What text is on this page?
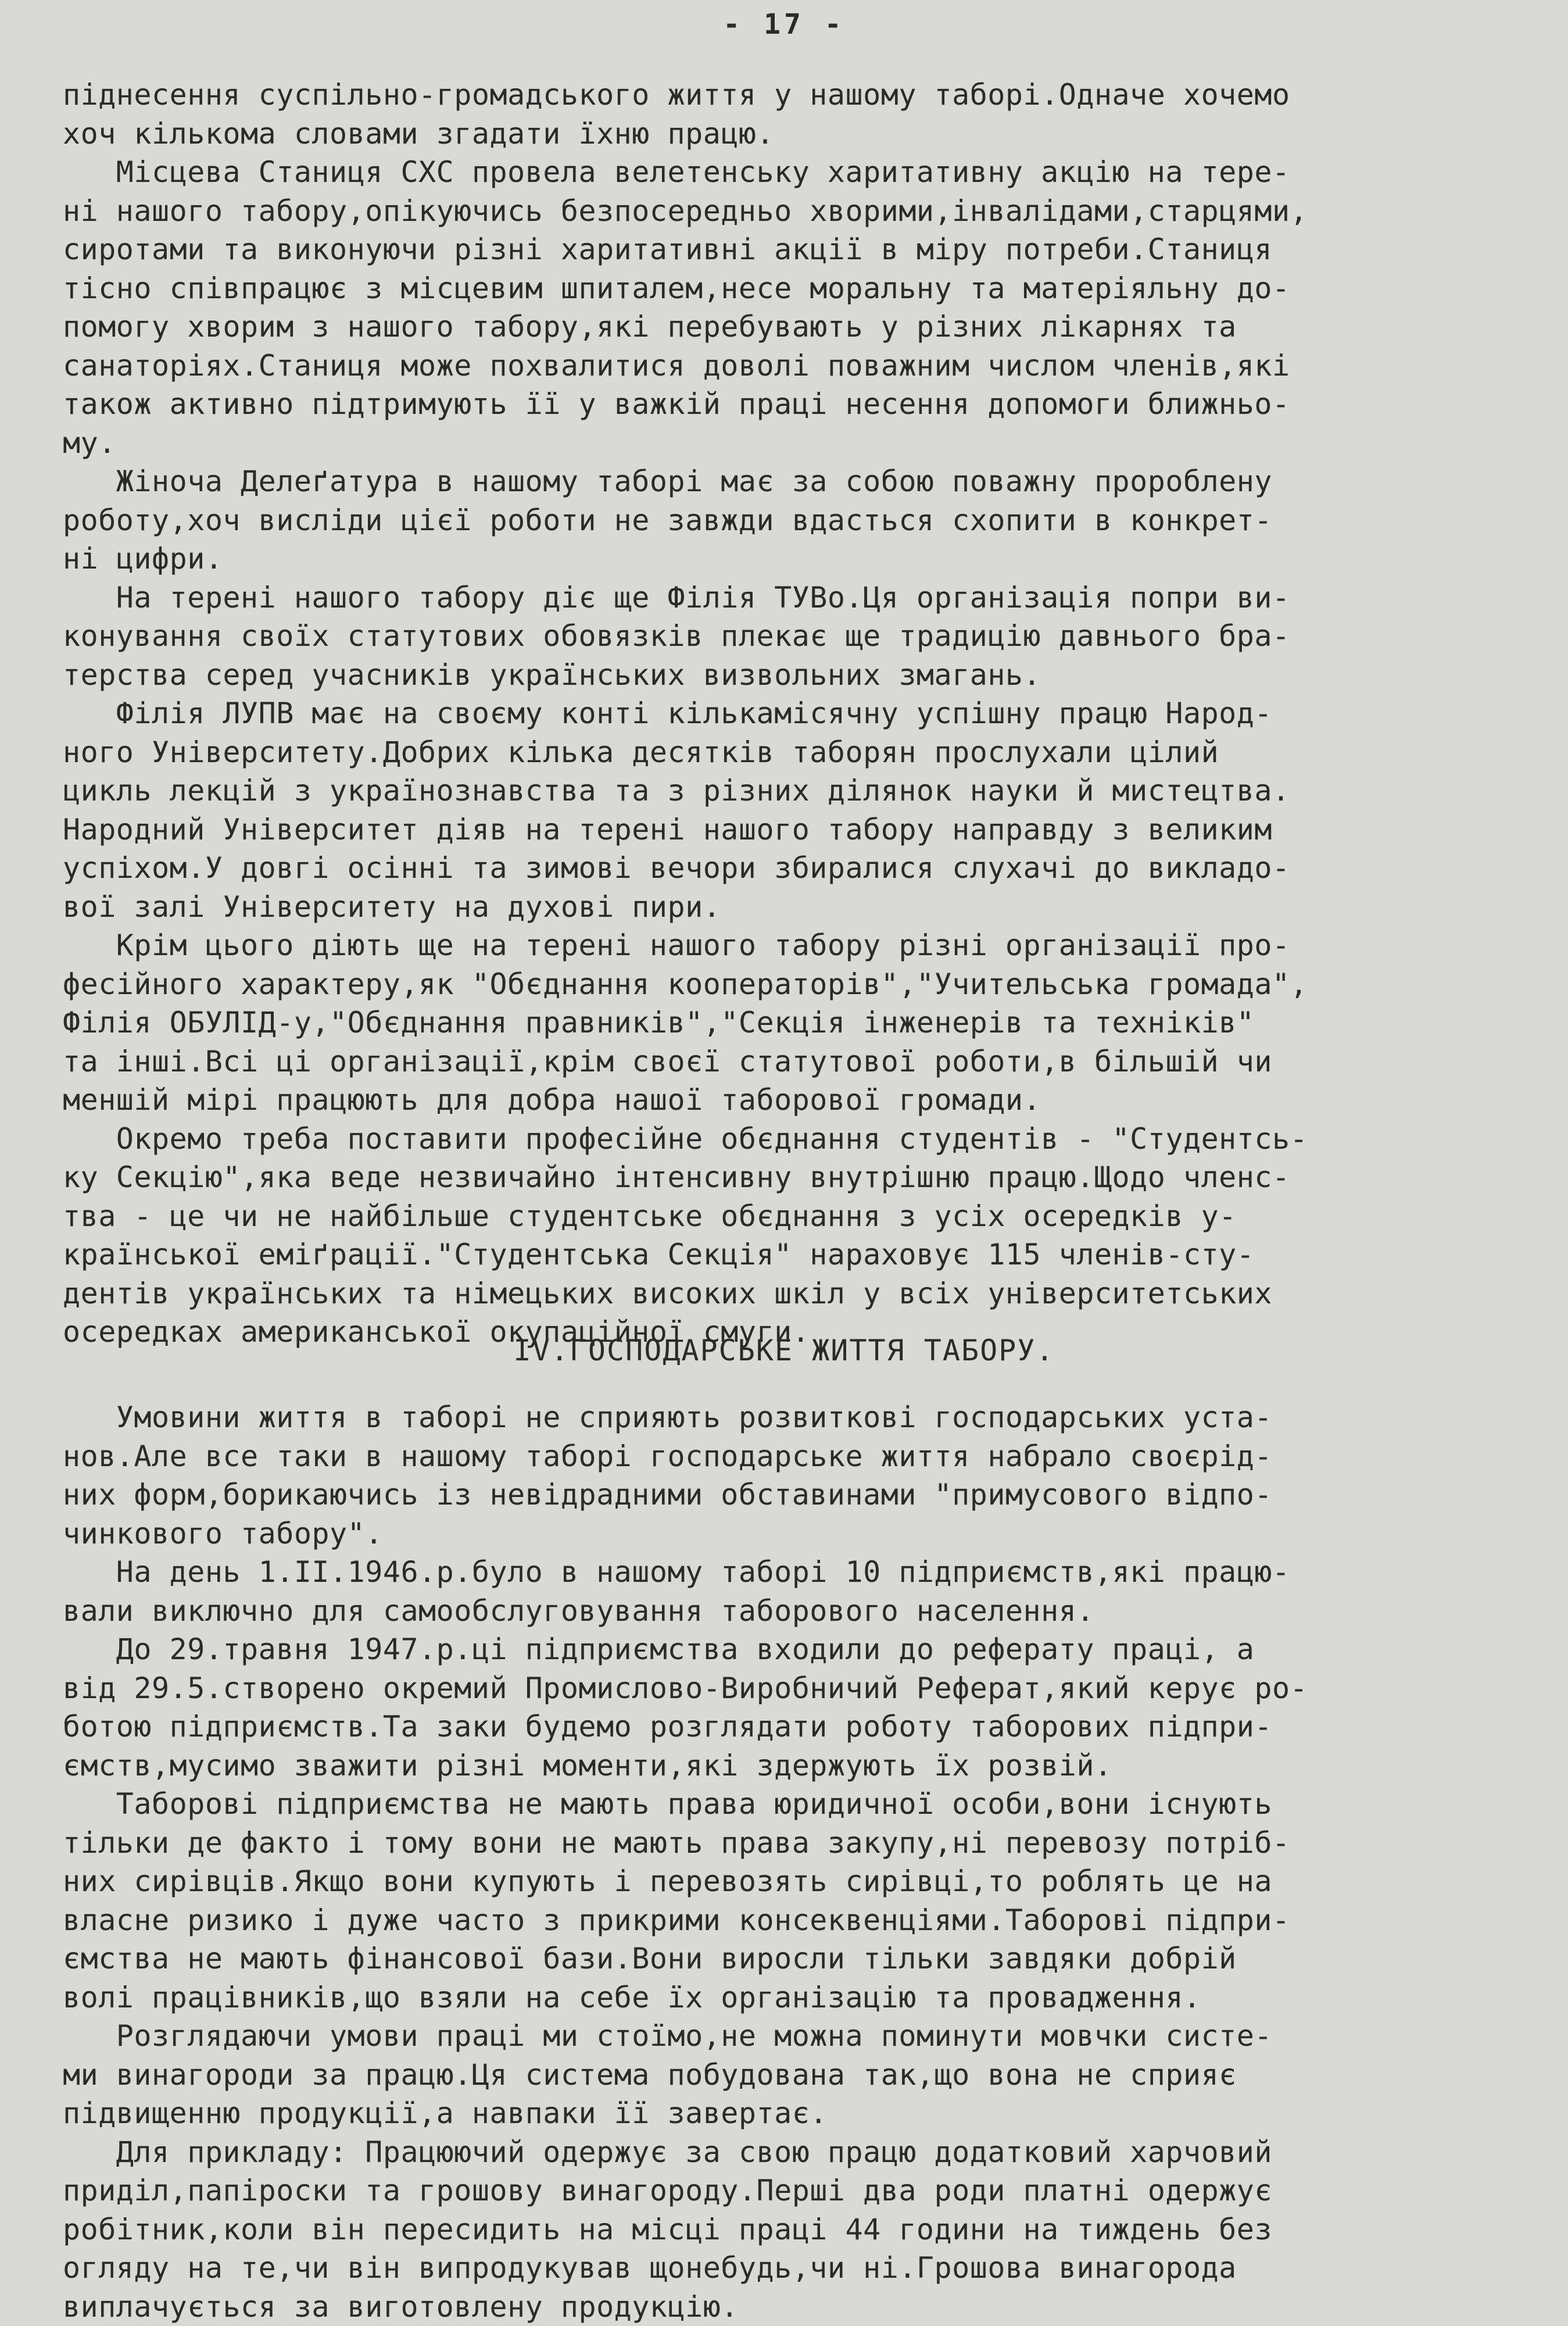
- 17 -
піднесення суспільно-громадського життя у нашому таборі.Одначе хочемо
хоч кількома словами згадати їхню працю.
Місцева Станиця СХС провела велетенську харитативну акцію на тере-
ні нашого табору,опікуючись безпосередньо хворими,інвалідами,старцями,
сиротами та виконуючи різні харитативні акції в міру потреби.Станиця
тісно співпрацює з місцевим шпиталем,несе моральну та матеріяльну до-
помогу хворим з нашого табору,які перебувають у різних лікарнях та
санаторіях.Станиця може похвалитися доволі поважним числом членів,які
також активно підтримують її у важкій праці несення допомоги ближньо-
му.
Жіноча Делеґатура в нашому таборі має за собою поважну пророблену
роботу,хоч висліди цієї роботи не завжди вдасться схопити в конкрет-
ні цифри.
На терені нашого табору діє ще Філія ТУВо.Ця організація попри ви-
конування своїх статутових обовязків плекає ще традицію давнього бра-
терства серед учасників українських визвольних змагань.
Філія ЛУПВ має на своєму конті кількамісячну успішну працю Народ-
ного Університету.Добрих кілька десятків таборян прослухали цілий
цикль лекцій з українознавства та з різних ділянок науки й мистецтва.
Народний Університет діяв на терені нашого табору направду з великим
успіхом.У довгі осінні та зимові вечори збиралися слухачі до викладо-
вої залі Університету на духові пири.
Крім цього діють ще на терені нашого табору різні організації про-
фесійного характеру,як "Обєднання кооператорів","Учительська громада",
Філія ОБУЛІД-у,"Обєднання правників","Секція інженерів та техніків"
та інші.Всі ці організації,крім своєї статутової роботи,в більшій чи
меншій мірі працюють для добра нашої таборової громади.
Окремо треба поставити професійне обєднання студентів - "Студентсь-
ку Секцію",яка веде незвичайно інтенсивну внутрішню працю.Щодо членс-
тва - це чи не найбільше студентське обєднання з усіх осередків у-
країнської еміґрації."Студентська Секція" нараховує 115 членів-сту-
дентів українських та німецьких високих шкіл у всіх університетських
осередках американської окупаційної смуги.
IV.ГОСПОДАРСЬКЕ ЖИТТЯ ТАБОРУ.
Умовини життя в таборі не сприяють розвиткові господарських уста-
нов.Але все таки в нашому таборі господарське життя набрало своєрід-
них форм,борикаючись із невідрадними обставинами "примусового відпо-
чинкового табору".
На день 1.II.1946.р.було в нашому таборі 10 підприємств,які працю-
вали виключно для самообслуговування таборового населення.
До 29.травня 1947.р.ці підприємства входили до реферату праці, а
від 29.5.створено окремий Промислово-Виробничий Реферат,який керує ро-
ботою підприємств.Та заки будемо розглядати роботу таборових підпри-
ємств,мусимо зважити різні моменти,які здержують їх розвій.
Таборові підприємства не мають права юридичної особи,вони існують
тільки де факто і тому вони не мають права закупу,ні перевозу потріб-
них сирівців.Якщо вони купують і перевозять сирівці,то роблять це на
власне ризико і дуже часто з прикрими консеквенціями.Таборові підпри-
ємства не мають фінансової бази.Вони виросли тільки завдяки добрій
волі працівників,що взяли на себе їх організацію та провадження.
Розглядаючи умови праці ми стоїмо,не можна поминути мовчки систе-
ми винагороди за працю.Ця система побудована так,що вона не сприяє
підвищенню продукції,а навпаки її завертає.
Для прикладу: Працюючий одержує за свою працю додатковий харчовий
приділ,папіроски та грошову винагороду.Перші два роди платні одержує
робітник,коли він пересидить на місці праці 44 години на тиждень без
огляду на те,чи він випродукував щонебудь,чи ні.Грошова винагорода
виплачується за виготовлену продукцію.
